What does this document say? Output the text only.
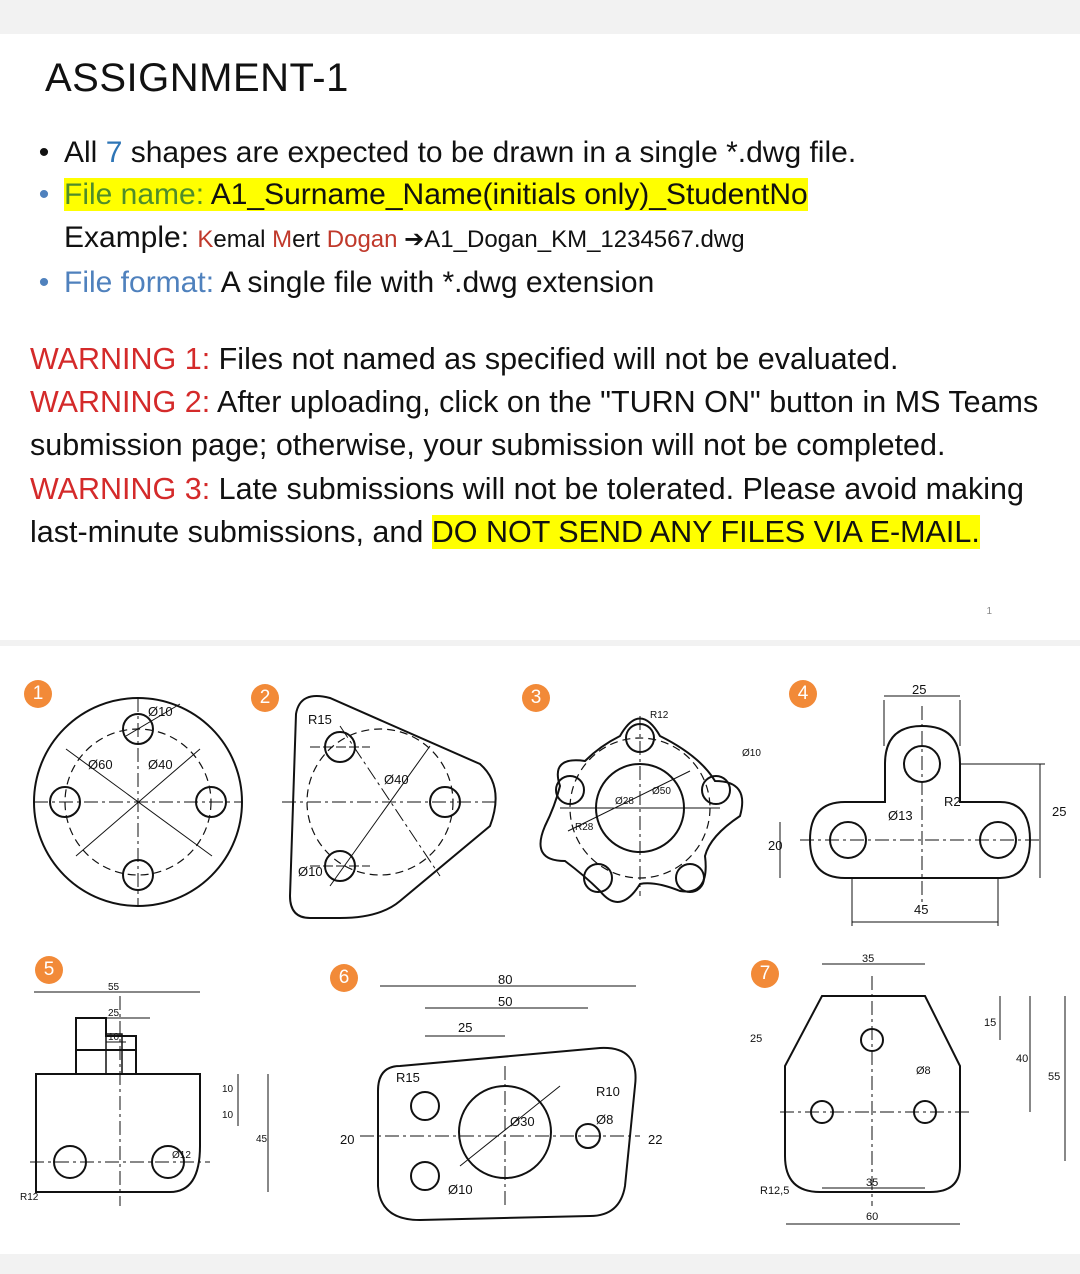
ASSIGNMENT-1
• All 7 shapes are expected to be drawn in a single *.dwg file.
• File name: A1_Surname_Name(initials only)_StudentNo
Example: Kemal Mert Dogan ➔A1_Dogan_KM_1234567.dwg
• File format: A single file with *.dwg extension
WARNING 1: Files not named as specified will not be evaluated.
WARNING 2: After uploading, click on the "TURN ON" button in MS Teams submission page; otherwise, your submission will not be completed.
WARNING 3: Late submissions will not be tolerated. Please avoid making last-minute submissions, and DO NOT SEND ANY FILES VIA E-MAIL.
1
1	2	3	4
5	6	7
Ø10
Ø60	Ø40
R15
Ø40
Ø10
R12
Ø10
Ø28
Ø50
R28
25
Ø13
R2
25
45
20
55
25
10
10
10
45
Ø12
R12
80
50
25
R15
R10
Ø30	Ø8
20	22
Ø10
35
25
15
40
55
Ø8
35
60
R12,5
